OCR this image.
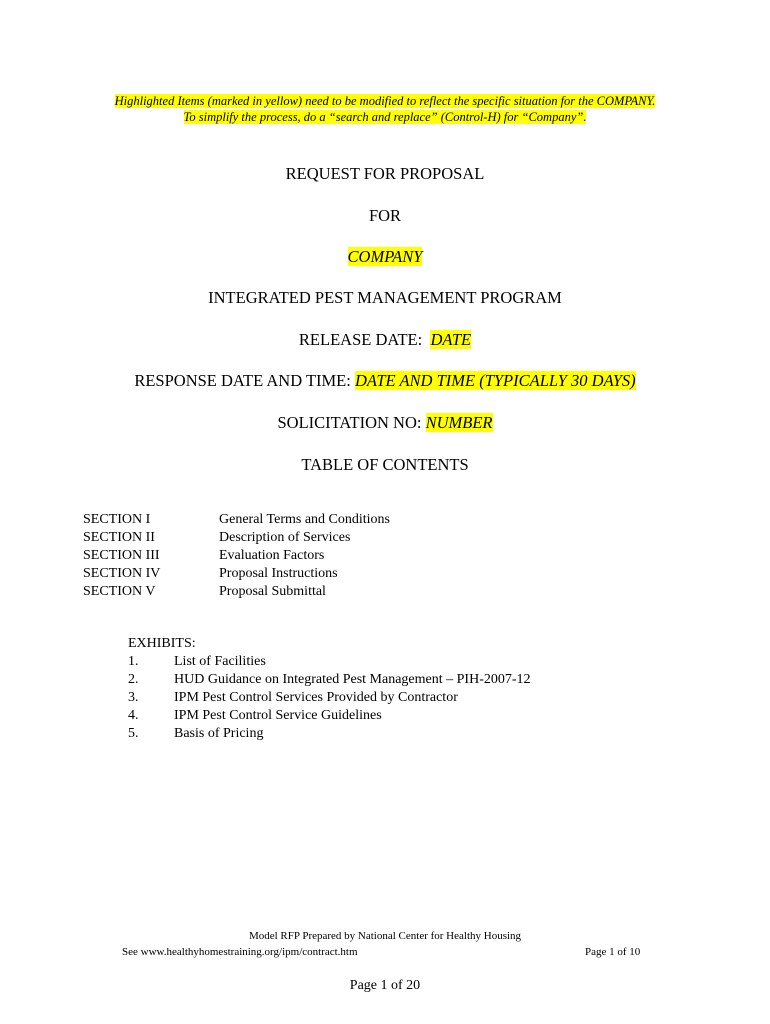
Highlighted Items (marked in yellow) need to be modified to reflect the specific situation for the COMPANY.
To simplify the process, do a “search and replace” (Control-H) for “Company”.
REQUEST FOR PROPOSAL
FOR
COMPANY
INTEGRATED PEST MANAGEMENT PROGRAM
RELEASE DATE: DATE
RESPONSE DATE AND TIME: DATE AND TIME (TYPICALLY 30 DAYS)
SOLICITATION NO: NUMBER
TABLE OF CONTENTS
SECTION I	General Terms and Conditions
SECTION II	Description of Services
SECTION III	Evaluation Factors
SECTION IV	Proposal Instructions
SECTION V	Proposal Submittal
EXHIBITS:
1.	List of Facilities
2.	HUD Guidance on Integrated Pest Management – PIH-2007-12
3.	IPM Pest Control Services Provided by Contractor
4.	IPM Pest Control Service Guidelines
5.	Basis of Pricing
Model RFP Prepared by National Center for Healthy Housing
See www.healthyhomestraining.org/ipm/contract.htm	Page 1 of 10
Page 1 of 20
